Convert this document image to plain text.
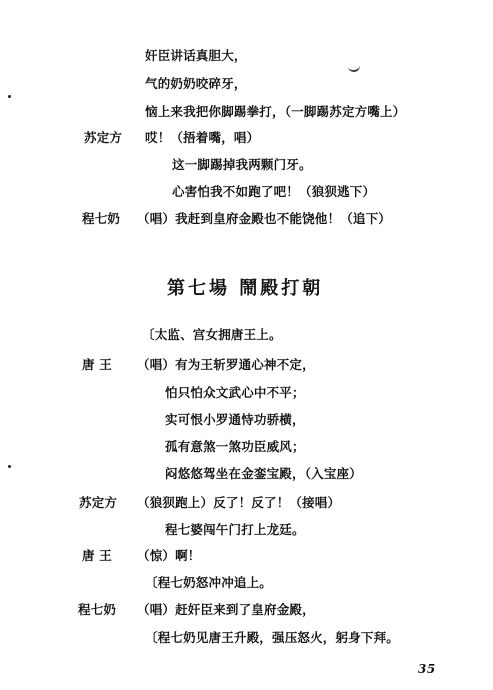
奸臣讲话真胆大，
气的奶奶咬碎牙，
恼上来我把你脚踢拳打，（一脚踢苏定方嘴上）
苏定方 哎！（捂着嘴，唱）
这一脚踢掉我两颗门牙。
心害怕我不如跑了吧！（狼狈逃下）
程七奶 （唱）我赶到皇府金殿也不能饶他！（追下）
第七場 鬧殿打朝
〔太监、宫女拥唐王上。
唐 王 （唱）有为王斩罗通心神不定，
怕只怕众文武心中不平；
实可恨小罗通恃功骄横，
孤有意煞一煞功臣威风；
闷悠悠驾坐在金銮宝殿，（入宝座）
苏定方 （狼狈跑上）反了！反了！（接唱）
程七婆闯午门打上龙廷。
唐 王 （惊）啊！
〔程七奶怒冲冲追上。
程七奶 （唱）赶奸臣来到了皇府金殿，
〔程七奶见唐王升殿，强压怒火，躬身下拜。
35
